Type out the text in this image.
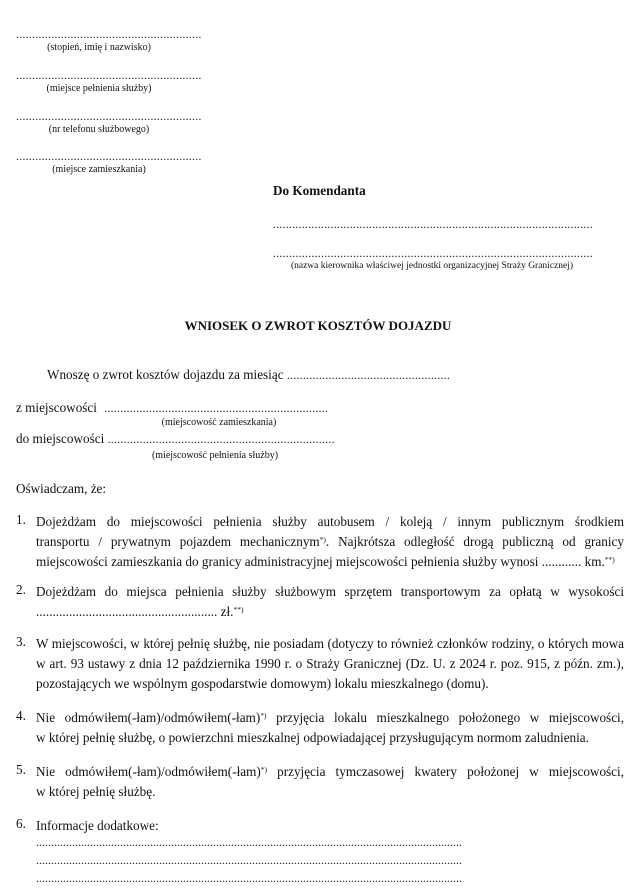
..........................................................
(stopień, imię i nazwisko)
..........................................................
(miejsce pełnienia służby)
..........................................................
(nr telefonu służbowego)
..........................................................
(miejsce zamieszkania)
Do Komendanta
....................................................................................................
....................................................................................................
(nazwa kierownika właściwej jednostki organizacyjnej Straży Granicznej)
WNIOSEK O ZWROT KOSZTÓW DOJAZDU
Wnoszę o zwrot kosztów dojazdu za miesiąc ...................................................
z miejscowości ......................................................................
(miejscowość zamieszkania)
do miejscowości .......................................................................
(miejscowość pełnienia służby)
Oświadczam, że:
1. Dojeżdżam do miejscowości pełnienia służby autobusem / koleją / innym publicznym środkiem
transportu / prywatnym pojazdem mechanicznym*). Najkrótsza odległość drogą publiczną od granicy
miejscowości zamieszkania do granicy administracyjnej miejscowości pełnienia służby wynosi ............ km.**)
2. Dojeżdżam do miejsca pełnienia służby służbowym sprzętem transportowym za opłatą w wysokości
....................................................... zł.**)
3. W miejscowości, w której pełnię służbę, nie posiadam (dotyczy to również członków rodziny, o których mowa
w art. 93 ustawy z dnia 12 października 1990 r. o Straży Granicznej (Dz. U. z 2024 r. poz. 915, z późn. zm.),
pozostających we wspólnym gospodarstwie domowym) lokalu mieszkalnego (domu).
4. Nie odmówiłem(-łam)/odmówiłem(-łam)*) przyjęcia lokalu mieszkalnego położonego w miejscowości,
w której pełnię służbę, o powierzchni mieszkalnej odpowiadającej przysługującym normom zaludnienia.
5. Nie odmówiłem(-łam)/odmówiłem(-łam)*) przyjęcia tymczasowej kwatery położonej w miejscowości,
w której pełnię służbę.
6. Informacje dodatkowe:
..............................................................................................................................................
..............................................................................................................................................
..............................................................................................................................................
